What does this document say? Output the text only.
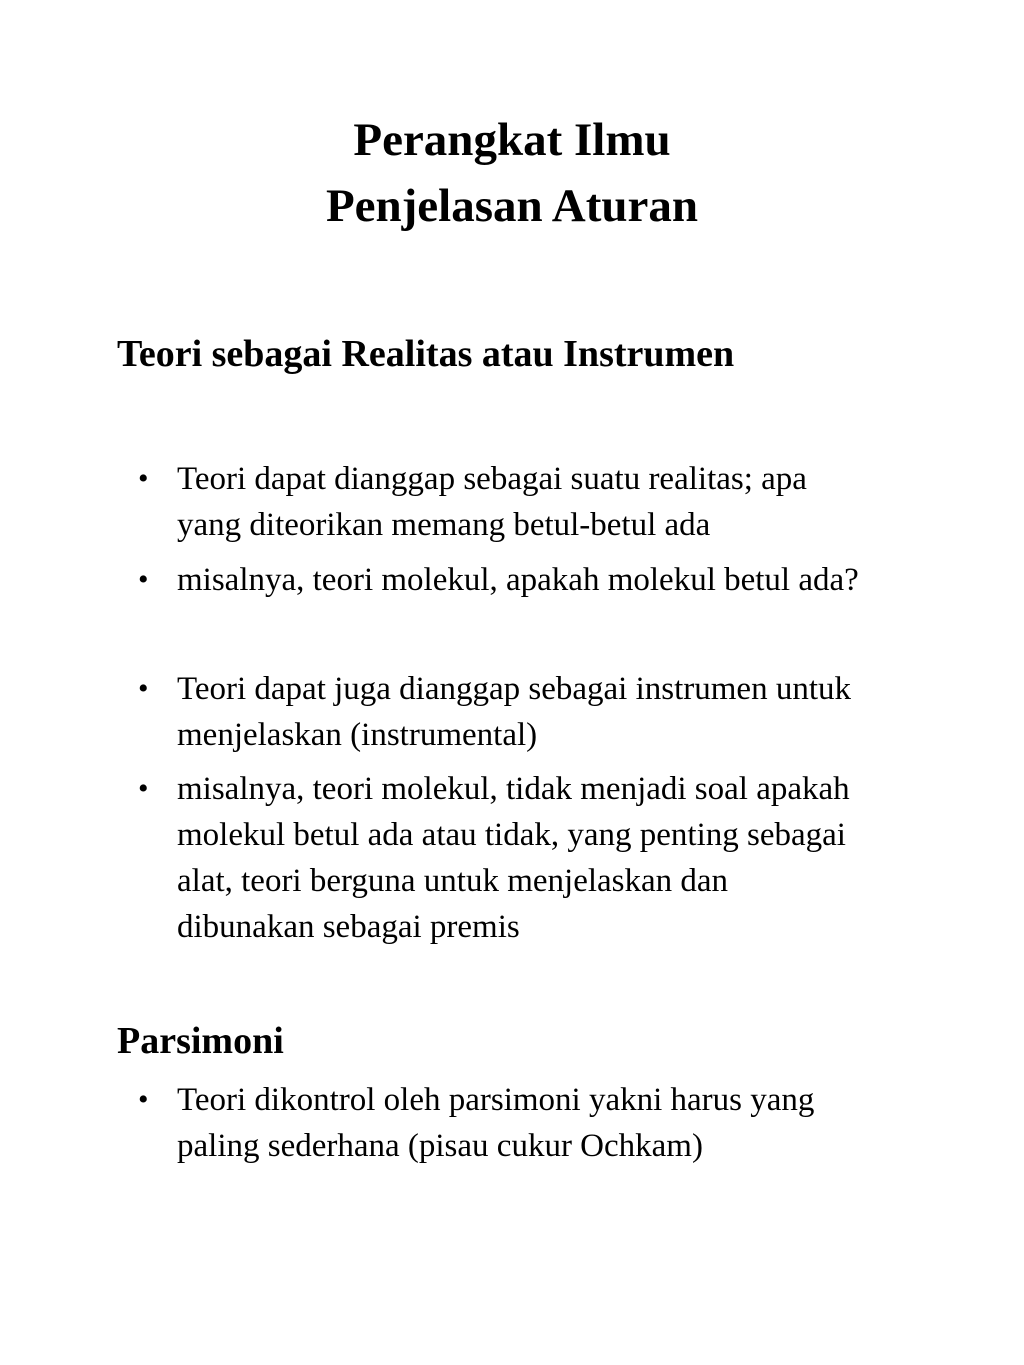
Perangkat Ilmu
Penjelasan Aturan
Teori sebagai Realitas atau Instrumen
• Teori dapat dianggap sebagai suatu realitas; apa
yang diteorikan memang betul-betul ada
• misalnya, teori molekul, apakah molekul betul ada?
• Teori dapat juga dianggap sebagai instrumen untuk
menjelaskan (instrumental)
• misalnya, teori molekul, tidak menjadi soal apakah
molekul betul ada atau tidak, yang penting sebagai
alat, teori berguna untuk menjelaskan dan
dibunakan sebagai premis
Parsimoni
• Teori dikontrol oleh parsimoni yakni harus yang
paling sederhana (pisau cukur Ochkam)
